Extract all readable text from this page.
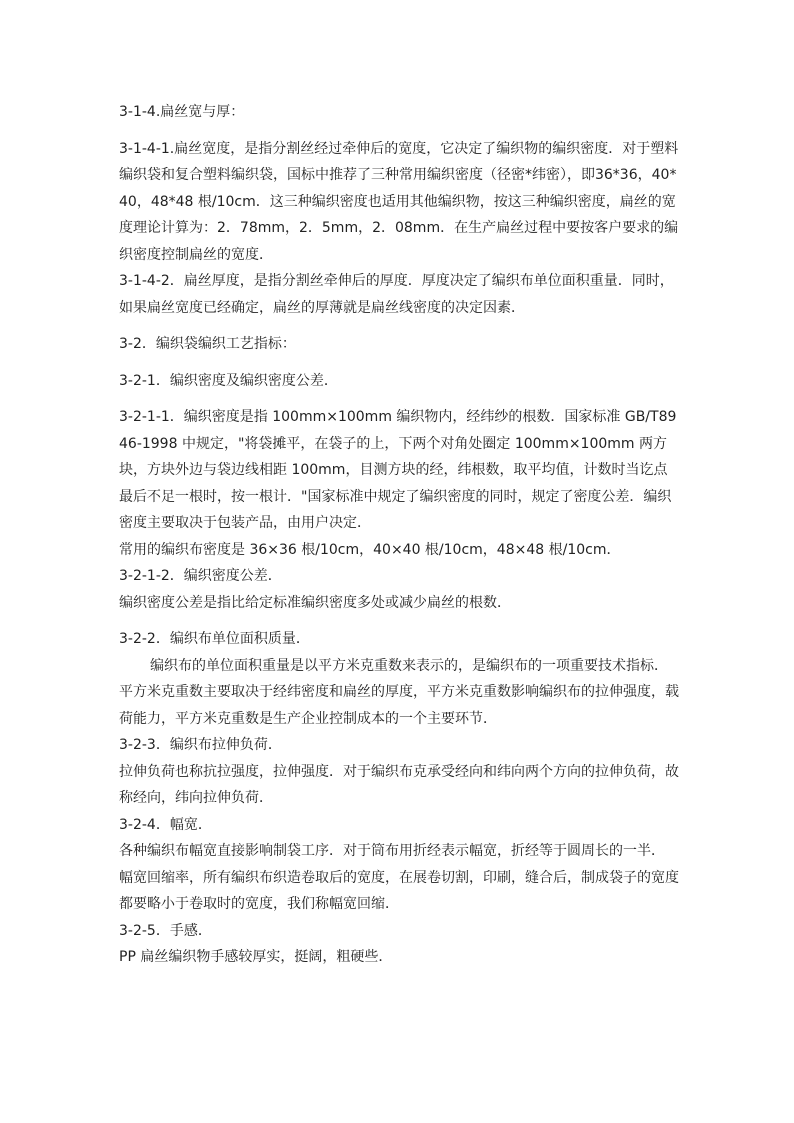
3-1-4.扁丝宽与厚：

3-1-4-1.扁丝宽度，是指分割丝经过牵伸后的宽度，它决定了编织物的编织密度．对于塑料编织袋和复合塑料编织袋，国标中推荐了三种常用编织密度（径密*纬密），即36*36，40*40，48*48 根/10cm．这三种编织密度也适用其他编织物，按这三种编织密度，扁丝的宽度理论计算为：2．78mm，2．5mm，2．08mm．在生产扁丝过程中要按客户要求的编织密度控制扁丝的宽度．

3-1-4-2．扁丝厚度，是指分割丝牵伸后的厚度．厚度决定了编织布单位面积重量．同时，如果扁丝宽度已经确定，扁丝的厚薄就是扁丝线密度的决定因素．

3-2．编织袋编织工艺指标：

3-2-1．编织密度及编织密度公差．

3-2-1-1．编织密度是指 100mm×100mm 编织物内，经纬纱的根数．国家标准 GB/T8946-1998 中规定，"将袋摊平，在袋子的上，下两个对角处圈定 100mm×100mm 两方块，方块外边与袋边线相距 100mm，目测方块的经，纬根数，取平均值，计数时当讫点最后不足一根时，按一根计．"国家标准中规定了编织密度的同时，规定了密度公差．编织密度主要取决于包装产品，由用户决定．

常用的编织布密度是 36×36 根/10cm，40×40 根/10cm，48×48 根/10cm．

3-2-1-2．编织密度公差．

编织密度公差是指比给定标准编织密度多处或减少扁丝的根数．

3-2-2．编织布单位面积质量．

编织布的单位面积重量是以平方米克重数来表示的，是编织布的一项重要技术指标．平方米克重数主要取决于经纬密度和扁丝的厚度，平方米克重数影响编织布的拉伸强度，载荷能力，平方米克重数是生产企业控制成本的一个主要环节．

3-2-3．编织布拉伸负荷．

拉伸负荷也称抗拉强度，拉伸强度．对于编织布克承受经向和纬向两个方向的拉伸负荷，故称经向，纬向拉伸负荷．

3-2-4．幅宽．

各种编织布幅宽直接影响制袋工序．对于筒布用折经表示幅宽，折经等于圆周长的一半．

幅宽回缩率，所有编织布织造卷取后的宽度，在展卷切割，印刷，缝合后，制成袋子的宽度都要略小于卷取时的宽度，我们称幅宽回缩．

3-2-5．手感．

PP 扁丝编织物手感较厚实，挺阔，粗硬些．
